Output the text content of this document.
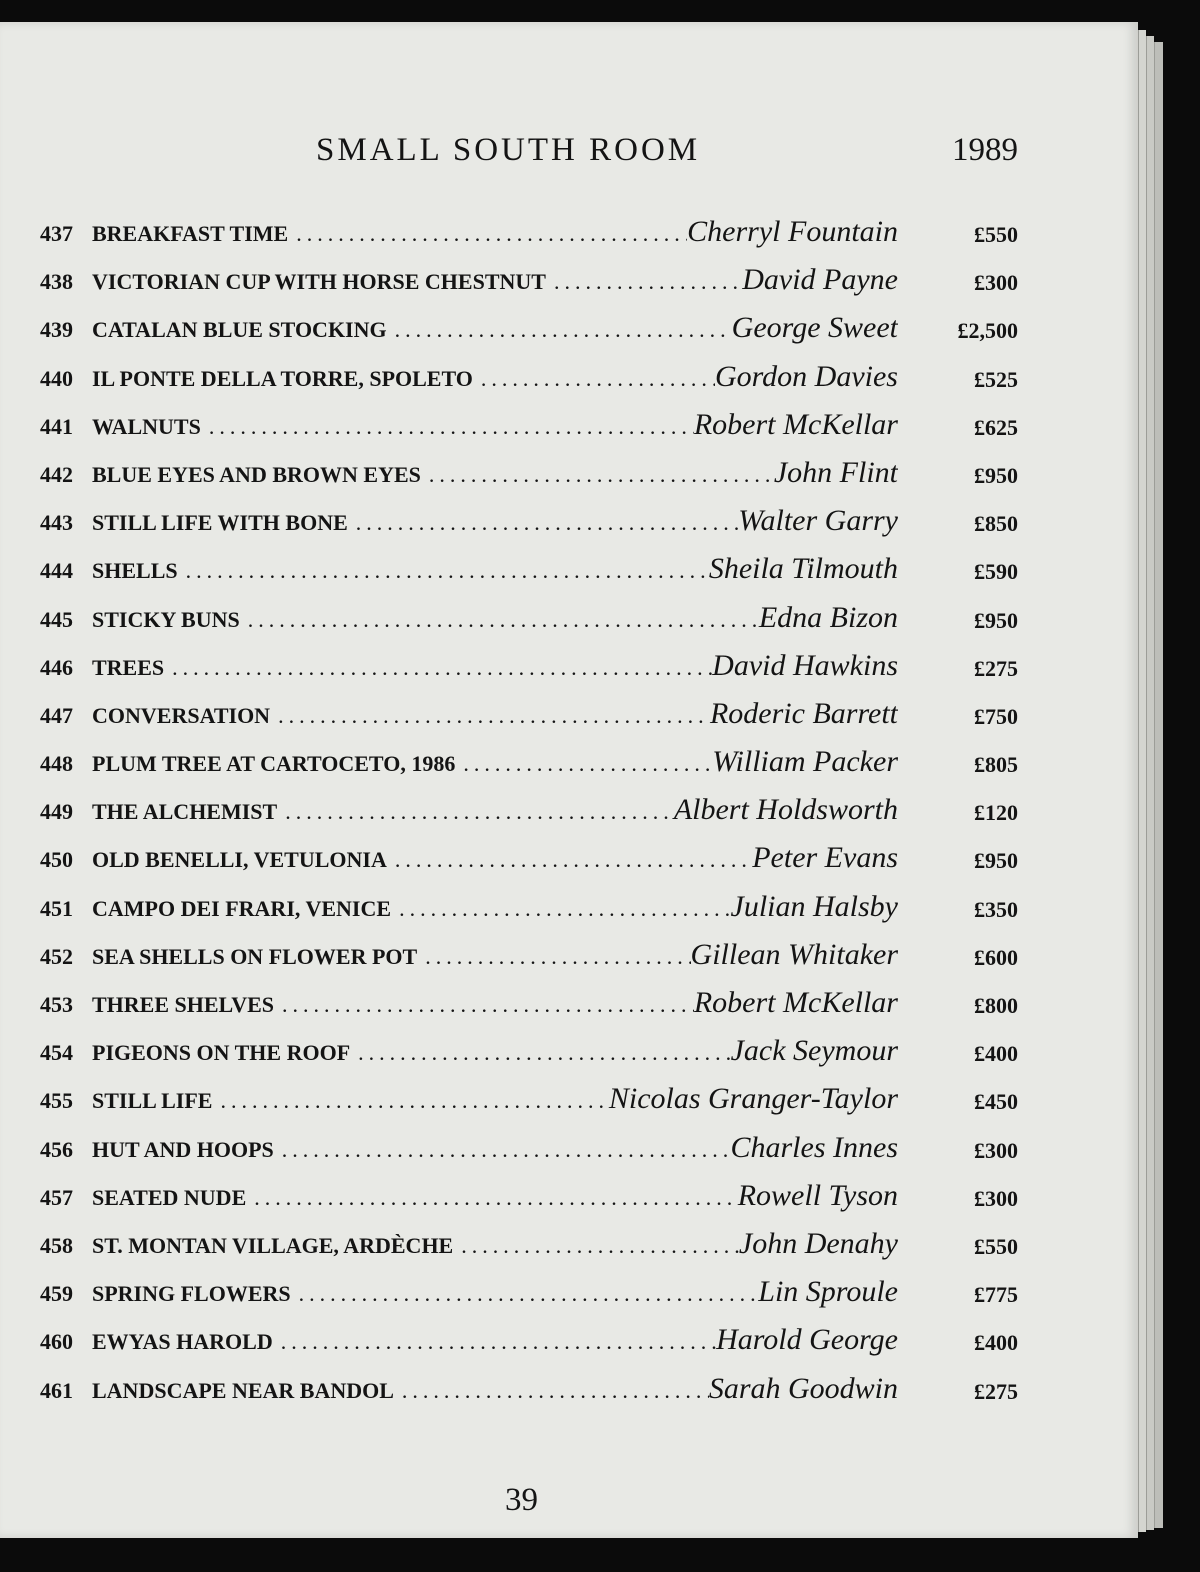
SMALL SOUTH ROOM	1989
437 BREAKFAST TIME .....	Cherryl Fountain	£550
438 VICTORIAN CUP WITH HORSE CHESTNUT .....	David Payne	£300
439 CATALAN BLUE STOCKING .....	George Sweet	£2,500
440 IL PONTE DELLA TORRE, SPOLETO .....	Gordon Davies	£525
441 WALNUTS .....	Robert McKellar	£625
442 BLUE EYES AND BROWN EYES .....	John Flint	£950
443 STILL LIFE WITH BONE .....	Walter Garry	£850
444 SHELLS .....	Sheila Tilmouth	£590
445 STICKY BUNS .....	Edna Bizon	£950
446 TREES .....	David Hawkins	£275
447 CONVERSATION .....	Roderic Barrett	£750
448 PLUM TREE AT CARTOCETO, 1986 .....	William Packer	£805
449 THE ALCHEMIST .....	Albert Holdsworth	£120
450 OLD BENELLI, VETULONIA .....	Peter Evans	£950
451 CAMPO DEI FRARI, VENICE .....	Julian Halsby	£350
452 SEA SHELLS ON FLOWER POT .....	Gillean Whitaker	£600
453 THREE SHELVES .....	Robert McKellar	£800
454 PIGEONS ON THE ROOF .....	Jack Seymour	£400
455 STILL LIFE .....	Nicolas Granger-Taylor	£450
456 HUT AND HOOPS .....	Charles Innes	£300
457 SEATED NUDE .....	Rowell Tyson	£300
458 ST. MONTAN VILLAGE, ARDÈCHE .....	John Denahy	£550
459 SPRING FLOWERS .....	Lin Sproule	£775
460 EWYAS HAROLD .....	Harold George	£400
461 LANDSCAPE NEAR BANDOL .....	Sarah Goodwin	£275
39
